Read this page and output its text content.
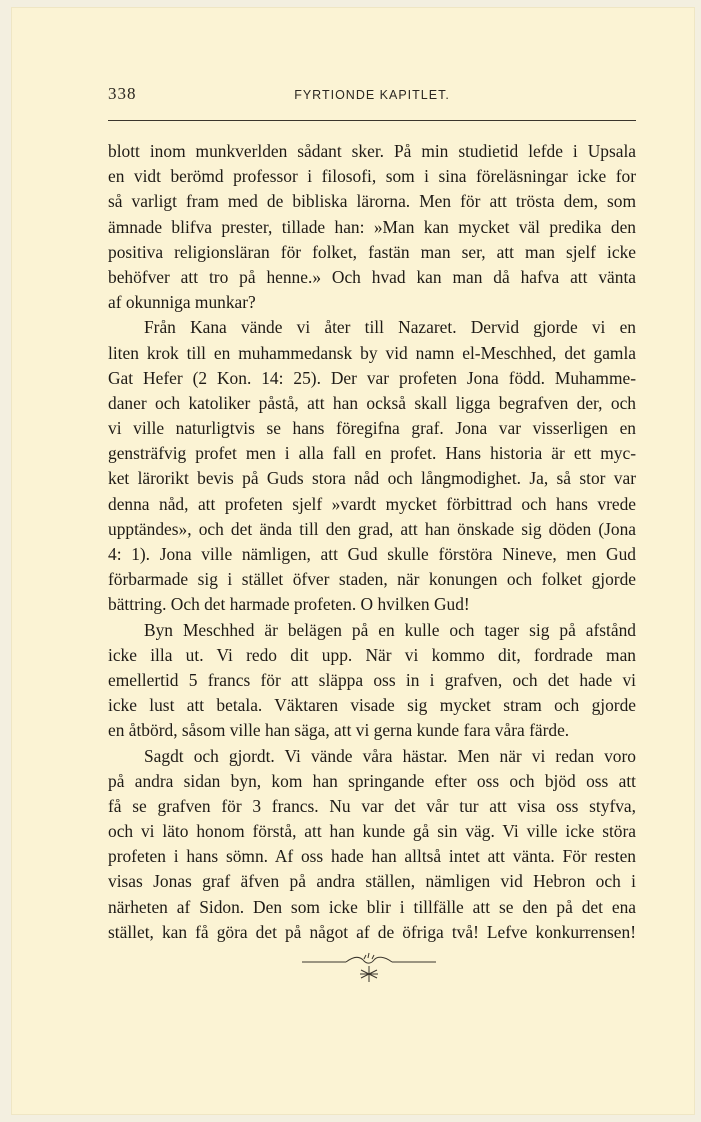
338	FYRTIONDE KAPITLET.
blott inom munkverlden sådant sker. På min studietid lefde i Upsala
en vidt berömd professor i filosofi, som i sina föreläsningar icke for
så varligt fram med de bibliska lärorna. Men för att trösta dem, som
ämnade blifva prester, tillade han: »Man kan mycket väl predika den
positiva religionsläran för folket, fastän man ser, att man sjelf icke
behöfver att tro på henne.» Och hvad kan man då hafva att vänta
af okunniga munkar?
Från Kana vände vi åter till Nazaret. Dervid gjorde vi en
liten krok till en muhammedansk by vid namn el-Meschhed, det gamla
Gat Hefer (2 Kon. 14: 25). Der var profeten Jona född. Muhamme-
daner och katoliker påstå, att han också skall ligga begrafven der, och
vi ville naturligtvis se hans föregifna graf. Jona var visserligen en
gensträfvig profet men i alla fall en profet. Hans historia är ett myc-
ket lärorikt bevis på Guds stora nåd och långmodighet. Ja, så stor var
denna nåd, att profeten sjelf »vardt mycket förbittrad och hans vrede
upptändes», och det ända till den grad, att han önskade sig döden (Jona
4: 1). Jona ville nämligen, att Gud skulle förstöra Nineve, men Gud
förbarmade sig i stället öfver staden, när konungen och folket gjorde
bättring. Och det harmade profeten. O hvilken Gud!
Byn Meschhed är belägen på en kulle och tager sig på afstånd
icke illa ut. Vi redo dit upp. När vi kommo dit, fordrade man
emellertid 5 francs för att släppa oss in i grafven, och det hade vi
icke lust att betala. Väktaren visade sig mycket stram och gjorde
en åtbörd, såsom ville han säga, att vi gerna kunde fara våra färde.
Sagdt och gjordt. Vi vände våra hästar. Men när vi redan voro
på andra sidan byn, kom han springande efter oss och bjöd oss att
få se grafven för 3 francs. Nu var det vår tur att visa oss styfva,
och vi läto honom förstå, att han kunde gå sin väg. Vi ville icke störa
profeten i hans sömn. Af oss hade han alltså intet att vänta. För resten
visas Jonas graf äfven på andra ställen, nämligen vid Hebron och i
närheten af Sidon. Den som icke blir i tillfälle att se den på det ena
stället, kan få göra det på något af de öfriga två! Lefve konkurrensen!
